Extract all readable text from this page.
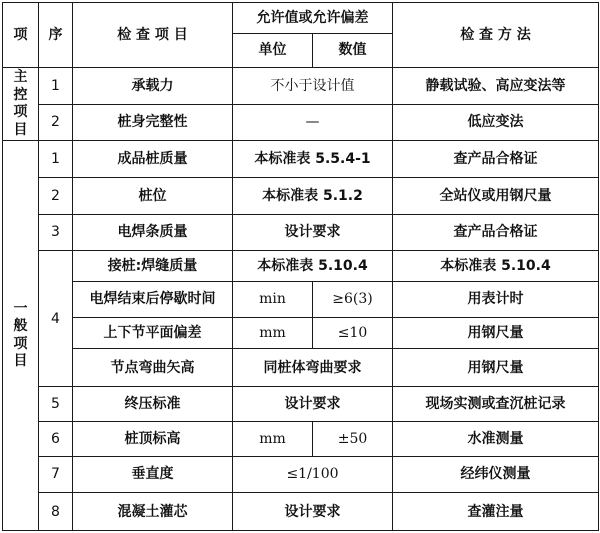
项	序	检 查 项 目	允许值或允许偏差		检 查 方 法
			单位	数值	

主
控
项
目	1	承载力	不小于设计值		静载试验、高应变法等
	2	桩身完整性	—		低应变法

一
般
项
目	1	成品桩质量	本标准表 5.5.4-1		查产品合格证
	2	桩位	本标准表 5.1.2		全站仪或用钢尺量
	3	电焊条质量	设计要求		查产品合格证
	4	接桩:焊缝质量	本标准表 5.10.4		本标准表 5.10.4
		电焊结束后停歇时间	min	≥6(3)	用表计时
		上下节平面偏差	mm	≤10	用钢尺量
		节点弯曲矢高	同桩体弯曲要求		用钢尺量
	5	终压标准	设计要求		现场实测或查沉桩记录
	6	桩顶标高	mm	±50	水准测量
	7	垂直度	≤1/100		经纬仪测量
	8	混凝土灌芯	设计要求		查灌注量
